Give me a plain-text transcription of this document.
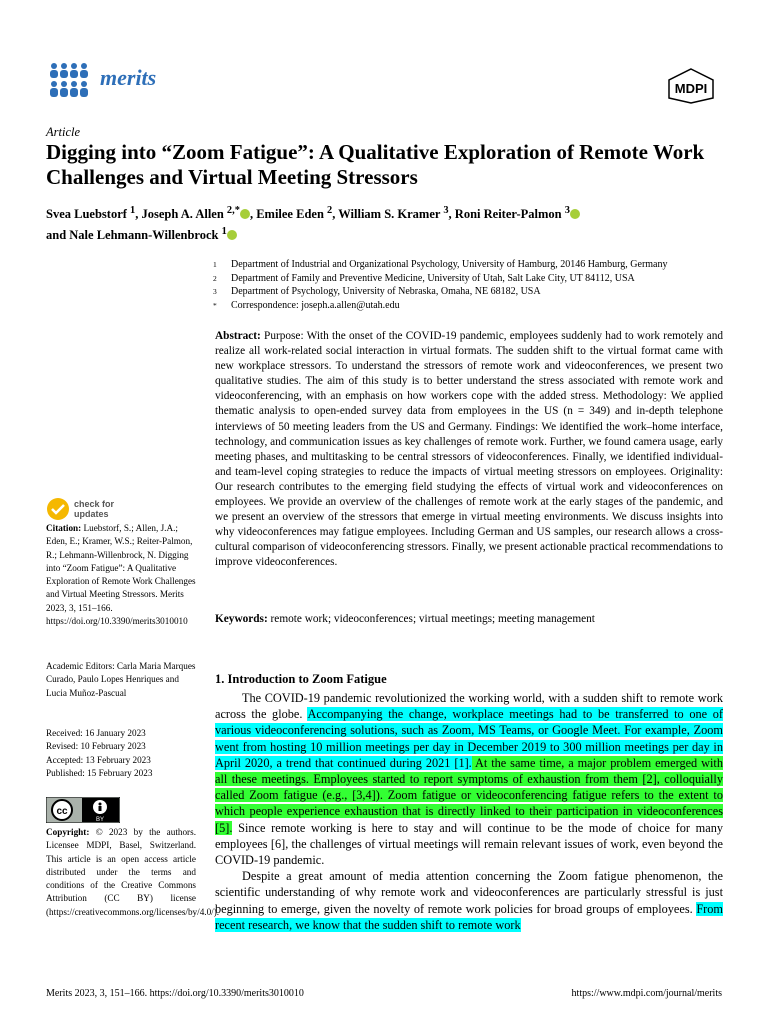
merits	MDPI
Article
Digging into “Zoom Fatigue”: A Qualitative Exploration of Remote Work Challenges and Virtual Meeting Stressors
Svea Luebstorf $^1$, Joseph A. Allen $^{2,*}$ , Emilee Eden $^2$, William S. Kramer $^3$, Roni Reiter-Palmon $^3$
and Nale Lehmann-Willenbrock $^1$
1	Department of Industrial and Organizational Psychology, University of Hamburg, 20146 Hamburg, Germany
2	Department of Family and Preventive Medicine, University of Utah, Salt Lake City, UT 84112, USA
3	Department of Psychology, University of Nebraska, Omaha, NE 68182, USA
*	Correspondence: joseph.a.allen@utah.edu
Abstract: Purpose: With the onset of the COVID-19 pandemic, employees suddenly had to work remotely and realize all work-related social interaction in virtual formats. The sudden shift to the virtual format came with new workplace stressors. To understand the stressors of remote work and videoconferences, we present two qualitative studies. The aim of this study is to better understand the stress associated with remote work and videoconferencing, with an emphasis on how workers cope with the added stress. Methodology: We applied thematic analysis to open-ended survey data from employees in the US (n = 349) and in-depth telephone interviews of 50 meeting leaders from the US and Germany. Findings: We identified the work–home interface, technology, and communication issues as key challenges of remote work. Further, we found camera usage, early meeting phases, and multitasking to be central stressors of videoconferences. Finally, we identified individual- and team-level coping strategies to reduce the impacts of virtual meeting stressors on employees. Originality: Our research contributes to the emerging field studying the effects of virtual work and videoconferences on employees. We provide an overview of the challenges of remote work at the early stages of the pandemic, and we present an overview of the stressors that emerge in virtual meeting environments. We discuss insights into why videoconferences may fatigue employees. Including German and US samples, our research allows a cross-cultural comparison of videoconferencing stressors. Finally, we present actionable practical recommendations to improve videoconferences.
Keywords: remote work; videoconferences; virtual meetings; meeting management
check for
updates
Citation: Luebstorf, S.; Allen, J.A.; Eden, E.; Kramer, W.S.; Reiter-Palmon, R.; Lehmann-Willenbrock, N. Digging into “Zoom Fatigue”: A Qualitative Exploration of Remote Work Challenges and Virtual Meeting Stressors. Merits 2023, 3, 151–166. https://doi.org/10.3390/merits3010010
Academic Editors: Carla Maria Marques Curado, Paulo Lopes Henriques and Lucia Muñoz-Pascual
Received: 16 January 2023
Revised: 10 February 2023
Accepted: 13 February 2023
Published: 15 February 2023
cc
BY
Copyright: © 2023 by the authors. Licensee MDPI, Basel, Switzerland. This article is an open access article distributed under the terms and conditions of the Creative Commons Attribution (CC BY) license (https://creativecommons.org/licenses/by/4.0/).
1. Introduction to Zoom Fatigue

The COVID-19 pandemic revolutionized the working world, with a sudden shift to remote work across the globe. Accompanying the change, workplace meetings had to be transferred to one of various videoconferencing solutions, such as Zoom, MS Teams, or Google Meet. For example, Zoom went from hosting 10 million meetings per day in December 2019 to 300 million meetings per day in April 2020, a trend that continued during 2021 [1]. At the same time, a major problem emerged with all these meetings. Employees started to report symptoms of exhaustion from them [2], colloquially called Zoom fatigue (e.g., [3,4]). Zoom fatigue or videoconferencing fatigue refers to the extent to which people experience exhaustion that is directly linked to their participation in videoconferences [5]. Since remote working is here to stay and will continue to be the mode of choice for many employees [6], the challenges of virtual meetings will remain relevant issues of work, even beyond the COVID-19 pandemic.

Despite a great amount of media attention concerning the Zoom fatigue phenomenon, the scientific understanding of why remote work and videoconferences are particularly stressful is just beginning to emerge, given the novelty of remote work policies for broad groups of employees. From recent research, we know that the sudden shift to remote work

Merits 2023, 3, 151–166. https://doi.org/10.3390/merits3010010	https://www.mdpi.com/journal/merits
